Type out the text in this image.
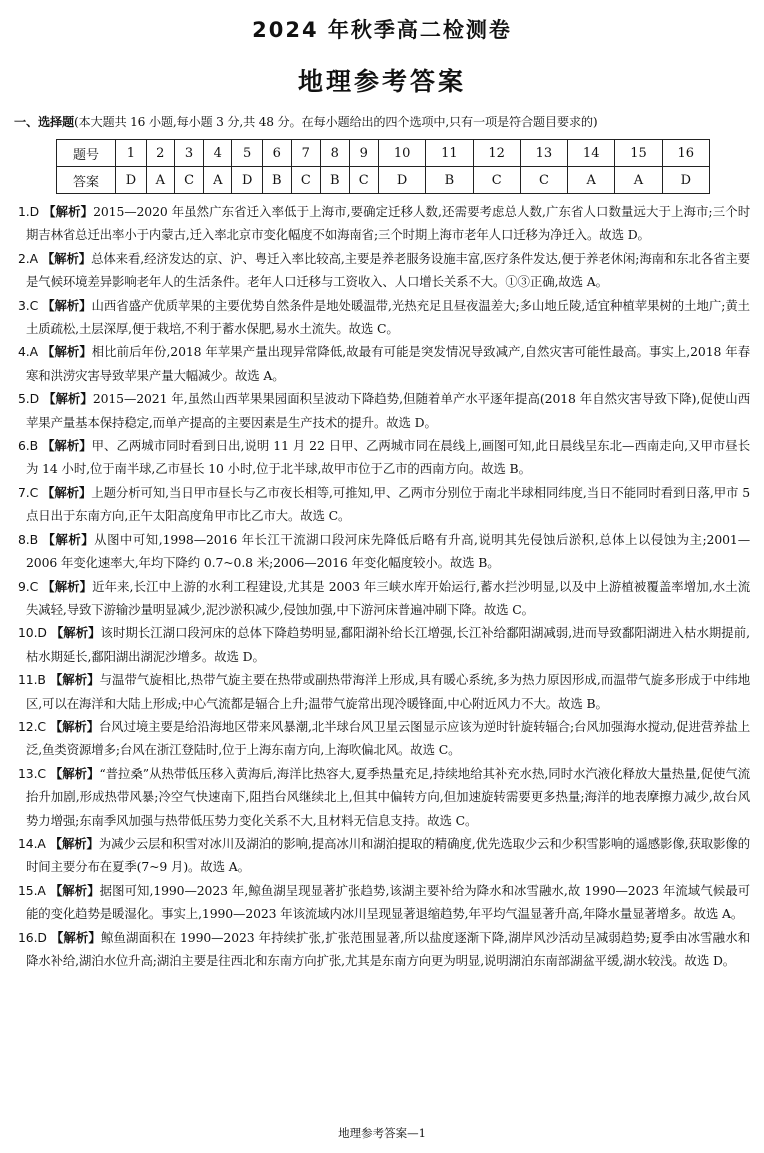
2024 年秋季高二检测卷
地理参考答案
一、选择题(本大题共 16 小题,每小题 3 分,共 48 分。在每小题给出的四个选项中,只有一项是符合题目要求的)
题号	1	2	3	4	5	6	7	8	9	10	11	12	13	14	15	16
答案	D	A	C	A	D	B	C	B	C	D	B	C	C	A	A	D
1.D 【解析】2015—2020 年虽然广东省迁入率低于上海市,要确定迁移人数,还需要考虑总人数,广东省人口数量远大于上海市;三个时期吉林省总迁出率小于内蒙古,迁入率北京市变化幅度不如海南省;三个时期上海市老年人口迁移为净迁入。故选 D。
2.A 【解析】总体来看,经济发达的京、沪、粤迁入率比较高,主要是养老服务设施丰富,医疗条件发达,便于养老休闲;海南和东北各省主要是气候环境差异影响老年人的生活条件。老年人口迁移与工资收入、人口增长关系不大。①③正确,故选 A。
3.C 【解析】山西省盛产优质苹果的主要优势自然条件是地处暖温带,光热充足且昼夜温差大;多山地丘陵,适宜种植苹果树的土地广;黄土土质疏松,土层深厚,便于栽培,不利于蓄水保肥,易水土流失。故选 C。
4.A 【解析】相比前后年份,2018 年苹果产量出现异常降低,故最有可能是突发情况导致减产,自然灾害可能性最高。事实上,2018 年春寒和洪涝灾害导致苹果产量大幅减少。故选 A。
5.D 【解析】2015—2021 年,虽然山西苹果果园面积呈波动下降趋势,但随着单产水平逐年提高(2018 年自然灾害导致下降),促使山西苹果产量基本保持稳定,而单产提高的主要因素是生产技术的提升。故选 D。
6.B 【解析】甲、乙两城市同时看到日出,说明 11 月 22 日甲、乙两城市同在晨线上,画图可知,此日晨线呈东北—西南走向,又甲市昼长为 14 小时,位于南半球,乙市昼长 10 小时,位于北半球,故甲市位于乙市的西南方向。故选 B。
7.C 【解析】上题分析可知,当日甲市昼长与乙市夜长相等,可推知,甲、乙两市分别位于南北半球相同纬度,当日不能同时看到日落,甲市 5 点日出于东南方向,正午太阳高度角甲市比乙市大。故选 C。
8.B 【解析】从图中可知,1998—2016 年长江干流湖口段河床先降低后略有升高,说明其先侵蚀后淤积,总体上以侵蚀为主;2001—2006 年变化速率大,年均下降约 0.7~0.8 米;2006—2016 年变化幅度较小。故选 B。
9.C 【解析】近年来,长江中上游的水利工程建设,尤其是 2003 年三峡水库开始运行,蓄水拦沙明显,以及中上游植被覆盖率增加,水土流失减轻,导致下游输沙量明显减少,泥沙淤积减少,侵蚀加强,中下游河床普遍冲刷下降。故选 C。
10.D 【解析】该时期长江湖口段河床的总体下降趋势明显,鄱阳湖补给长江增强,长江补给鄱阳湖减弱,进而导致鄱阳湖进入枯水期提前,枯水期延长,鄱阳湖出湖泥沙增多。故选 D。
11.B 【解析】与温带气旋相比,热带气旋主要在热带或副热带海洋上形成,具有暖心系统,多为热力原因形成,而温带气旋多形成于中纬地区,可以在海洋和大陆上形成;中心气流都是辐合上升;温带气旋常出现冷暖锋面,中心附近风力不大。故选 B。
12.C 【解析】台风过境主要是给沿海地区带来风暴潮,北半球台风卫星云图显示应该为逆时针旋转辐合;台风加强海水搅动,促进营养盐上泛,鱼类资源增多;台风在浙江登陆时,位于上海东南方向,上海吹偏北风。故选 C。
13.C 【解析】“普拉桑”从热带低压移入黄海后,海洋比热容大,夏季热量充足,持续地给其补充水热,同时水汽液化释放大量热量,促使气流抬升加剧,形成热带风暴;冷空气快速南下,阻挡台风继续北上,但其中偏转方向,但加速旋转需要更多热量;海洋的地表摩擦力减少,故台风势力增强;东南季风加强与热带低压势力变化关系不大,且材料无信息支持。故选 C。
14.A 【解析】为减少云层和积雪对冰川及湖泊的影响,提高冰川和湖泊提取的精确度,优先选取少云和少积雪影响的遥感影像,获取影像的时间主要分布在夏季(7~9 月)。故选 A。
15.A 【解析】据图可知,1990—2023 年,鲸鱼湖呈现显著扩张趋势,该湖主要补给为降水和冰雪融水,故 1990—2023 年流域气候最可能的变化趋势是暖湿化。事实上,1990—2023 年该流域内冰川呈现显著退缩趋势,年平均气温显著升高,年降水量显著增多。故选 A。
16.D 【解析】鲸鱼湖面积在 1990—2023 年持续扩张,扩张范围显著,所以盐度逐渐下降,湖岸风沙活动呈减弱趋势;夏季由冰雪融水和降水补给,湖泊水位升高;湖泊主要是往西北和东南方向扩张,尤其是东南方向更为明显,说明湖泊东南部湖盆平缓,湖水较浅。故选 D。
地理参考答案—1
